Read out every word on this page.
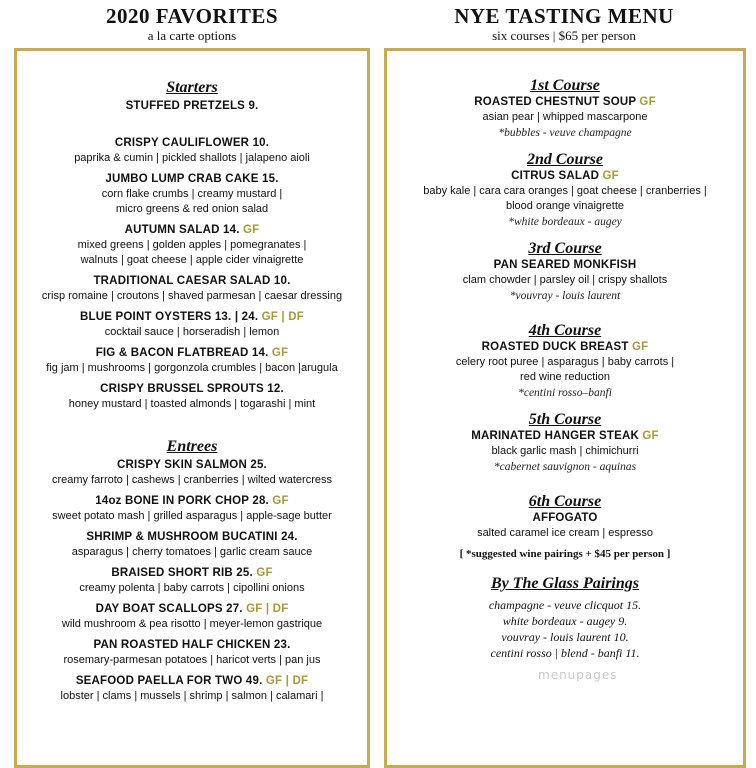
2020 FAVORITES
a la carte options
NYE TASTING MENU
six courses | $65 per person
Starters
STUFFED PRETZELS 9.
CRISPY CAULIFLOWER 10.
paprika & cumin | pickled shallots | jalapeno aioli
JUMBO LUMP CRAB CAKE 15.
corn flake crumbs | creamy mustard |
micro greens & red onion salad
AUTUMN SALAD 14. GF
mixed greens | golden apples | pomegranates |
walnuts | goat cheese | apple cider vinaigrette
TRADITIONAL CAESAR SALAD 10.
crisp romaine | croutons | shaved parmesan | caesar dressing
BLUE POINT OYSTERS 13. | 24. GF | DF
cocktail sauce | horseradish | lemon
FIG & BACON FLATBREAD 14. GF
fig jam | mushrooms | gorgonzola crumbles | bacon |arugula
CRISPY BRUSSEL SPROUTS 12.
honey mustard | toasted almonds | togarashi | mint
Entrees
CRISPY SKIN SALMON 25.
creamy farroto | cashews | cranberries | wilted watercress
14oz BONE IN PORK CHOP 28. GF
sweet potato mash | grilled asparagus | apple-sage butter
SHRIMP & MUSHROOM BUCATINI 24.
asparagus | cherry tomatoes | garlic cream sauce
BRAISED SHORT RIB 25. GF
creamy polenta | baby carrots | cipollini onions
DAY BOAT SCALLOPS 27. GF | DF
wild mushroom & pea risotto | meyer-lemon gastrique
PAN ROASTED HALF CHICKEN 23.
rosemary-parmesan potatoes | haricot verts | pan jus
SEAFOOD PAELLA FOR TWO 49. GF | DF
lobster | clams | mussels | shrimp | salmon | calamari |
1st Course
ROASTED CHESTNUT SOUP GF
asian pear | whipped mascarpone
*bubbles - veuve champagne
2nd Course
CITRUS SALAD GF
baby kale | cara cara oranges | goat cheese | cranberries |
blood orange vinaigrette
*white bordeaux - augey
3rd Course
PAN SEARED MONKFISH
clam chowder | parsley oil | crispy shallots
*vouvray - louis laurent
4th Course
ROASTED DUCK BREAST GF
celery root puree | asparagus | baby carrots |
red wine reduction
*centini rosso–banfi
5th Course
MARINATED HANGER STEAK GF
black garlic mash | chimichurri
*cabernet sauvignon - aquinas
6th Course
AFFOGATO
salted caramel ice cream | espresso
[ *suggested wine pairings + $45 per person ]
By The Glass Pairings
champagne - veuve clicquot 15.
white bordeaux - augey 9.
vouvray - louis laurent 10.
centini rosso | blend - banfi 11.
menupages
